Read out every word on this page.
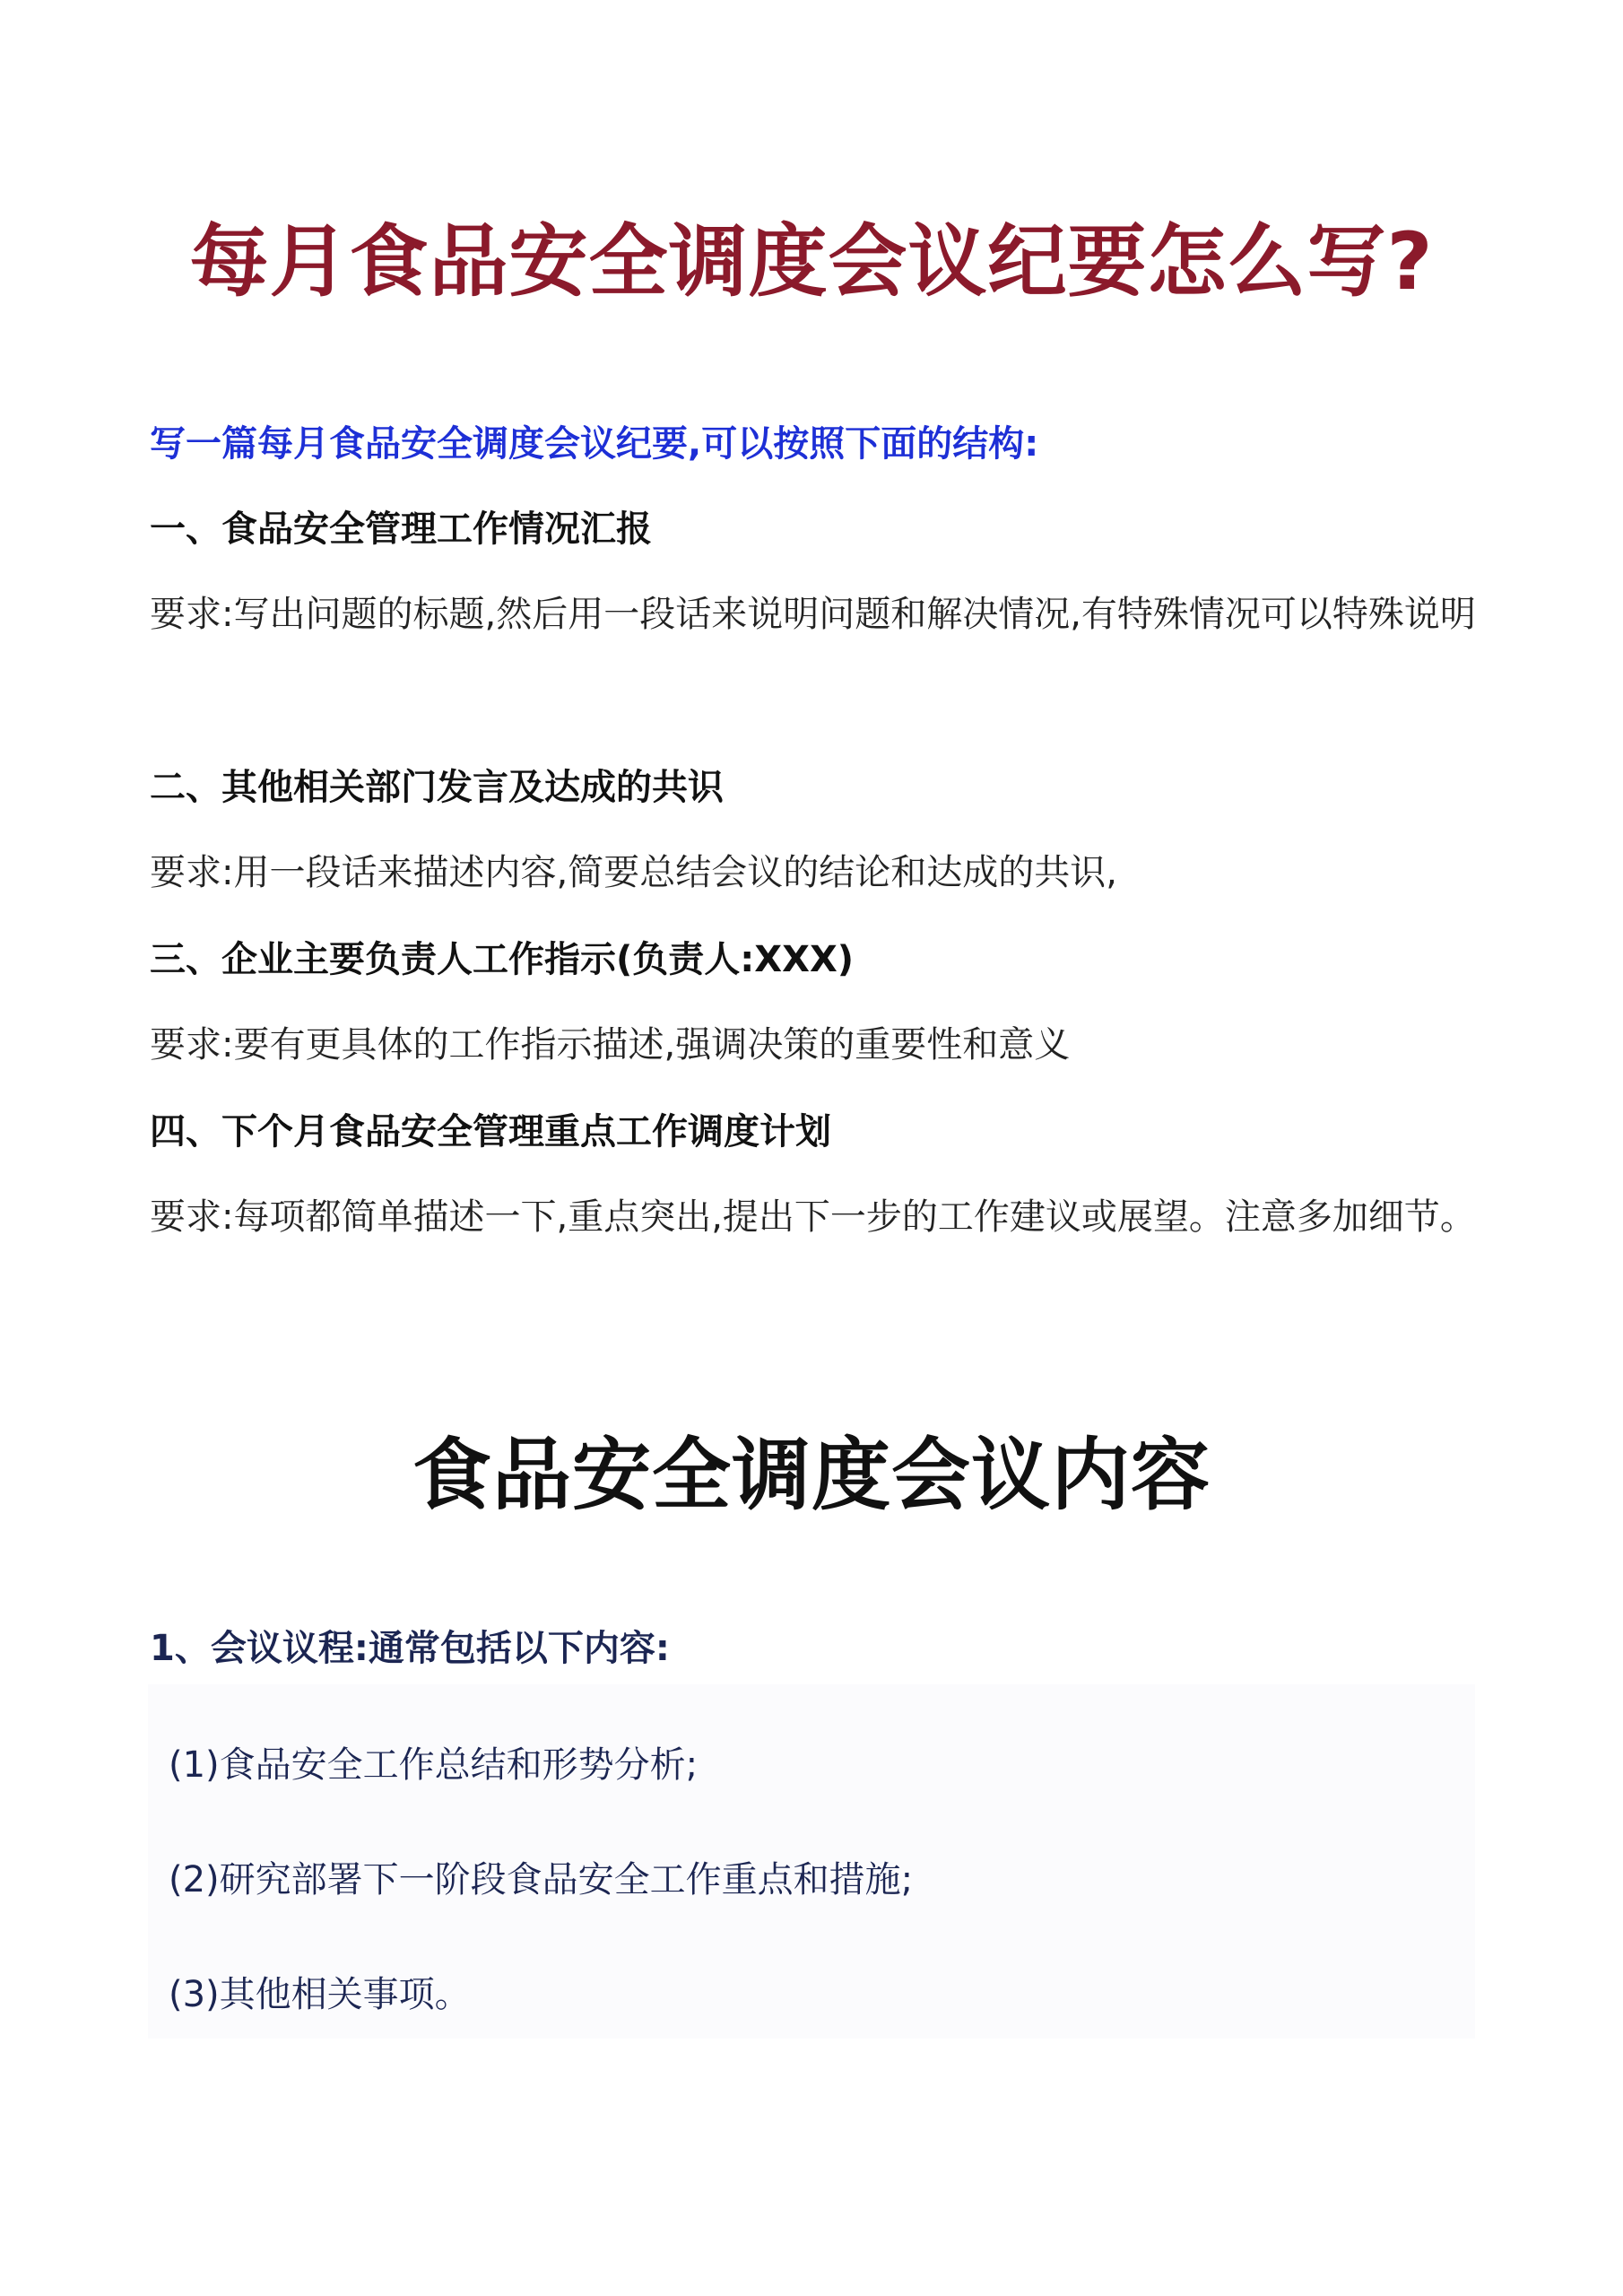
每月食品安全调度会议纪要怎么写?
写一篇每月食品安全调度会议纪要,可以按照下面的结构:
一、食品安全管理工作情况汇报
要求:写出问题的标题,然后用一段话来说明问题和解决情况,有特殊情况可以特殊说明
二、其他相关部门发言及达成的共识
要求:用一段话来描述内容,简要总结会议的结论和达成的共识,
三、企业主要负责人工作指示(负责人:XXX)
要求:要有更具体的工作指示描述,强调决策的重要性和意义
四、下个月食品安全管理重点工作调度计划
要求:每项都简单描述一下,重点突出,提出下一步的工作建议或展望。注意多加细节。
食品安全调度会议内容
1、会议议程:通常包括以下内容:
(1)食品安全工作总结和形势分析;
(2)研究部署下一阶段食品安全工作重点和措施;
(3)其他相关事项。
